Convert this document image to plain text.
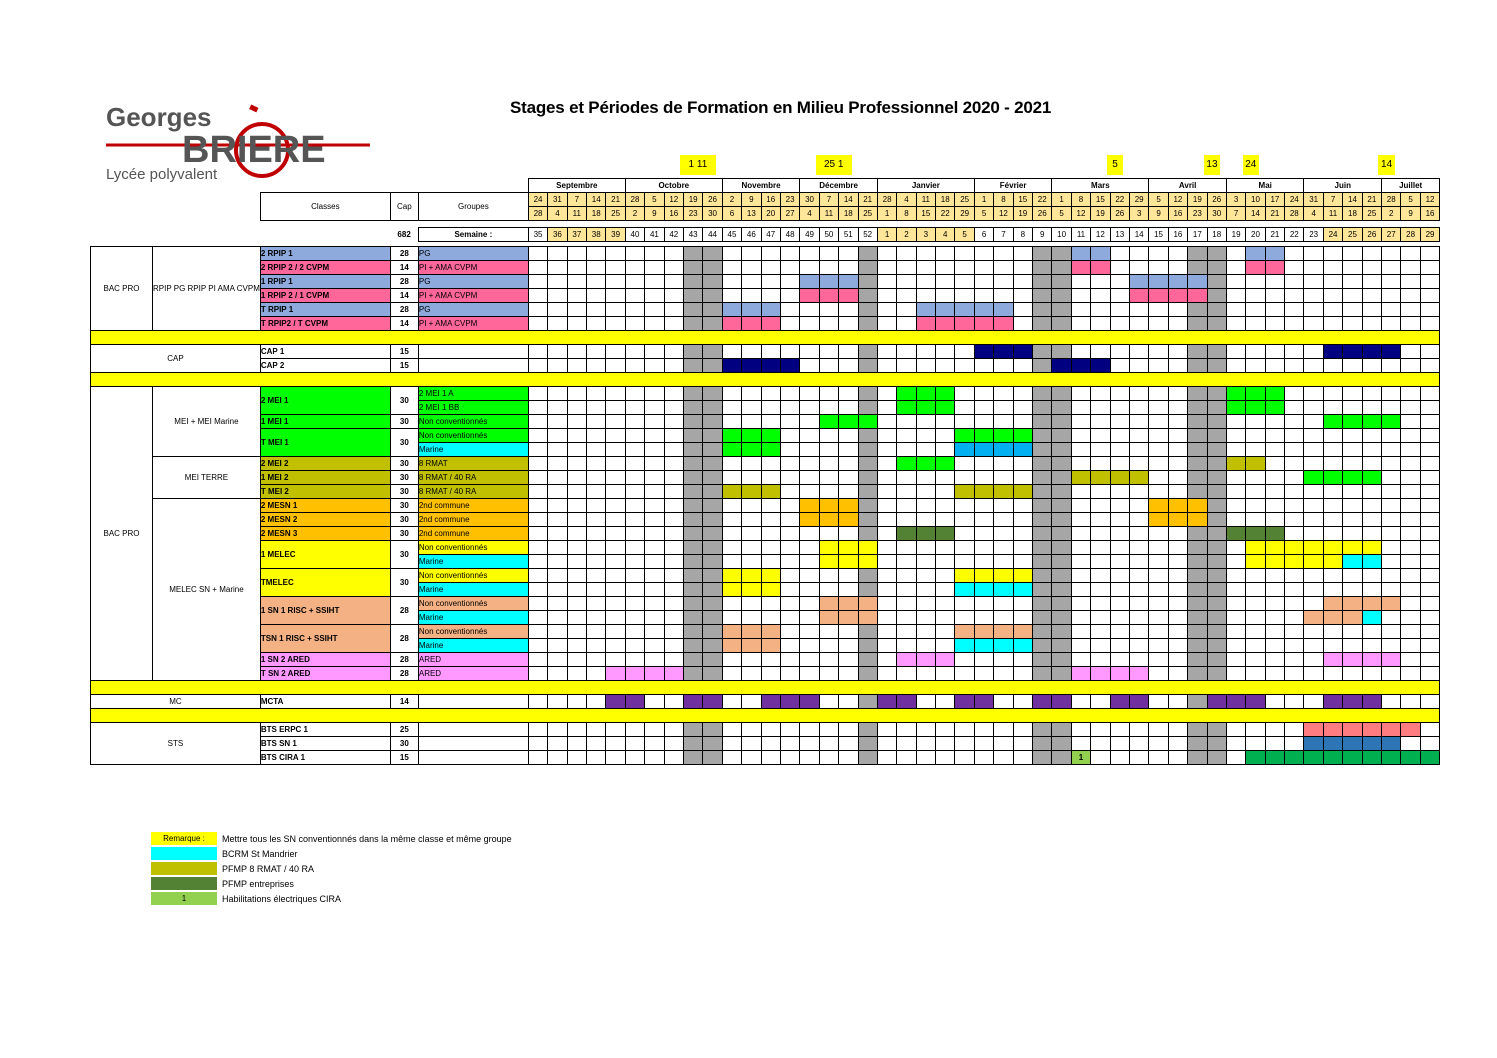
Georges
BRIERE
Lycée polyvalent
Stages et Périodes de Formation en Milieu Professionnel 2020 - 2021
1 11	25 1	5	13	24	14
					Septembre					Octobre					Novembre				Décembre				Janvier					Février				Mars					Avril				Mai				Juin				Juillet		
		Classes	Cap	Groupes	24	31	7	14	21	28	5	12	19	26	2	9	16	23	30	7	14	21	28	4	11	18	25	1	8	15	22	1	8	15	22	29	5	12	19	26	3	10	17	24	31	7	14	21	28	5	12
					28	4	11	18	25	2	9	16	23	30	6	13	20	27	4	11	18	25	1	8	15	22	29	5	12	19	26	5	12	19	26	3	9	16	23	30	7	14	21	28	4	11	18	25	2	9	16

			682	Semaine :	35	36	37	38	39	40	41	42	43	44	45	46	47	48	49	50	51	52	1	2	3	4	5	6	7	8	9	10	11	12	13	14	15	16	17	18	19	20	21	22	23	24	25	26	27	28	29

BAC PRO	RPIP PG RPIP PI AMA CVPM	2 RPIP 1	28	PG																																															
		2 RPIP 2 / 2 CVPM	14	PI + AMA CVPM																																															
		1 RPIP 1	28	PG																																															
		1 RPIP 2 / 1 CVPM	14	PI + AMA CVPM																																															
		T RPIP 1	28	PG																																															
		T RPIP2 / T CVPM	14	PI + AMA CVPM																																															

CAP		CAP 1	15																																																
		CAP 2	15																																																

BAC PRO	MEI + MEI Marine	2 MEI 1	30	2 MEI 1 A																																															
				2 MEI 1 BB																																															
		1 MEI 1	30	Non conventionnés																																															
		T MEI 1	30	Non conventionnés																																															
				Marine																																															
	MEI TERRE	2 MEI 2	30	8 RMAT																																															
		1 MEI 2	30	8 RMAT / 40 RA																																															
		T MEI 2	30	8 RMAT / 40 RA																																															
	MELEC SN + Marine	2 MESN 1	30	2nd commune																																															
		2 MESN 2	30	2nd commune																																															
		2 MESN 3	30	2nd commune																																															
		1 MELEC	30	Non conventionnés																																															
				Marine																																															
		TMELEC	30	Non conventionnés																																															
				Marine																																															
		1 SN 1 RISC + SSIHT	28	Non conventionnés																																															
				Marine																																															
		TSN 1 RISC + SSIHT	28	Non conventionnés																																															
				Marine																																															
		1 SN 2 ARED	28	ARED																																															
		T SN 2 ARED	28	ARED																																															

MC		MCTA	14																																																

STS		BTS ERPC 1	25																																																
		BTS SN 1	30																																																
		BTS CIRA 1	15																														1																		
Remarque :	Mettre tous les SN conventionnés dans la même classe et même groupe
BCRM St Mandrier
PFMP 8 RMAT / 40 RA
PFMP entreprises
1	Habilitations électriques CIRA
